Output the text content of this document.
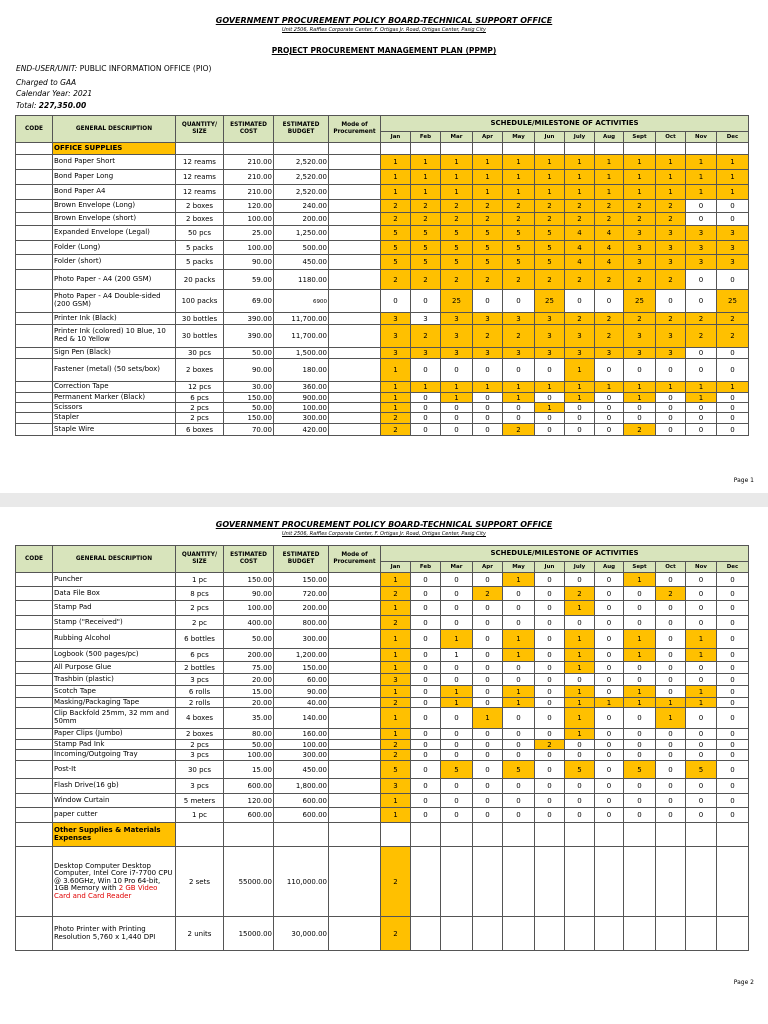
GOVERNMENT PROCUREMENT POLICY BOARD-TECHNICAL SUPPORT OFFICE
Unit 2506, Raffles Corporate Center, F. Ortigas Jr. Road, Ortigas Center, Pasig City
PROJECT PROCUREMENT MANAGEMENT PLAN (PPMP)
END-USER/UNIT: PUBLIC INFORMATION OFFICE (PIO)
Charged to GAA
Calendar Year: 2021
Total: 227,350.00
CODE	GENERAL DESCRIPTION	QUANTITY/ SIZE	ESTIMATED COST	ESTIMATED BUDGET	Mode of Procurement	SCHEDULE/MILESTONE OF ACTIVITIES											
						Jan	Feb	Mar	Apr	May	Jun	July	Aug	Sept	Oct	Nov	Dec
	OFFICE SUPPLIES																
	Bond Paper Short	12 reams	210.00	2,520.00		1	1	1	1	1	1	1	1	1	1	1	1
	Bond Paper Long	12 reams	210.00	2,520.00		1	1	1	1	1	1	1	1	1	1	1	1
	Bond Paper A4	12 reams	210.00	2,520.00		1	1	1	1	1	1	1	1	1	1	1	1
	Brown Envelope (Long)	2 boxes	120.00	240.00		2	2	2	2	2	2	2	2	2	2	0	0
	Brown Envelope (short)	2 boxes	100.00	200.00		2	2	2	2	2	2	2	2	2	2	0	0
	Expanded Envelope (Legal)	50 pcs	25.00	1,250.00		5	5	5	5	5	5	4	4	3	3	3	3
	Folder (Long)	5 packs	100.00	500.00		5	5	5	5	5	5	4	4	3	3	3	3
	Folder (short)	5 packs	90.00	450.00		5	5	5	5	5	5	4	4	3	3	3	3
	Photo Paper - A4 (200 GSM)	20 packs	59.00	1180.00		2	2	2	2	2	2	2	2	2	2	0	0
	Photo Paper - A4 Double-sided (200 GSM)	100 packs	69.00	6900		0	0	25	0	0	25	0	0	25	0	0	25
	Printer Ink (Black)	30 bottles	390.00	11,700.00		3	3	3	3	3	3	2	2	2	2	2	2
	Printer Ink (colored) 10 Blue, 10 Red & 10 Yellow	30 bottles	390.00	11,700.00		3	2	3	2	2	3	3	2	3	3	2	2
	Sign Pen (Black)	30 pcs	50.00	1,500.00		3	3	3	3	3	3	3	3	3	3	0	0
	Fastener (metal) (50 sets/box)	2 boxes	90.00	180.00		1	0	0	0	0	0	1	0	0	0	0	0
	Correction Tape	12 pcs	30.00	360.00		1	1	1	1	1	1	1	1	1	1	1	1
	Permanent Marker (Black)	6 pcs	150.00	900.00		1	0	1	0	1	0	1	0	1	0	1	0
	Scissors	2 pcs	50.00	100.00		1	0	0	0	0	1	0	0	0	0	0	0
	Stapler	2 pcs	150.00	300.00		2	0	0	0	0	0	0	0	0	0	0	0
	Staple Wire	6 boxes	70.00	420.00		2	0	0	0	2	0	0	0	2	0	0	0
Page 1
GOVERNMENT PROCUREMENT POLICY BOARD-TECHNICAL SUPPORT OFFICE
Unit 2506, Raffles Corporate Center, F. Ortigas Jr. Road, Ortigas Center, Pasig City
CODE	GENERAL DESCRIPTION	QUANTITY/ SIZE	ESTIMATED COST	ESTIMATED BUDGET	Mode of Procurement	SCHEDULE/MILESTONE OF ACTIVITIES											
						Jan	Feb	Mar	Apr	May	Jun	July	Aug	Sept	Oct	Nov	Dec
	Puncher	1 pc	150.00	150.00		1	0	0	0	1	0	0	0	1	0	0	0
	Data File Box	8 pcs	90.00	720.00		2	0	0	2	0	0	2	0	0	2	0	0
	Stamp Pad	2 pcs	100.00	200.00		1	0	0	0	0	0	1	0	0	0	0	0
	Stamp ("Received")	2 pc	400.00	800.00		2	0	0	0	0	0	0	0	0	0	0	0
	Rubbing Alcohol	6 bottles	50.00	300.00		1	0	1	0	1	0	1	0	1	0	1	0
	Logbook (500 pages/pc)	6 pcs	200.00	1,200.00		1	0	1	0	1	0	1	0	1	0	1	0
	All Purpose Glue	2 bottles	75.00	150.00		1	0	0	0	0	0	1	0	0	0	0	0
	Trashbin (plastic)	3 pcs	20.00	60.00		3	0	0	0	0	0	0	0	0	0	0	0
	Scotch Tape	6 rolls	15.00	90.00		1	0	1	0	1	0	1	0	1	0	1	0
	Masking/Packaging Tape	2 rolls	20.00	40.00		2	0	1	0	1	0	1	1	1	1	1	0
	Clip Backfold 25mm, 32 mm and 50mm	4 boxes	35.00	140.00		1	0	0	1	0	0	1	0	0	1	0	0
	Paper Clips (Jumbo)	2 boxes	80.00	160.00		1	0	0	0	0	0	1	0	0	0	0	0
	Stamp Pad Ink	2 pcs	50.00	100.00		2	0	0	0	0	2	0	0	0	0	0	0
	Incoming/Outgoing Tray	3 pcs	100.00	300.00		2	0	0	0	0	0	0	0	0	0	0	0
	Post-It	30 pcs	15.00	450.00		5	0	5	0	5	0	5	0	5	0	5	0
	Flash Drive(16 gb)	3 pcs	600.00	1,800.00		3	0	0	0	0	0	0	0	0	0	0	0
	Window Curtain	5 meters	120.00	600.00		1	0	0	0	0	0	0	0	0	0	0	0
	paper cutter	1 pc	600.00	600.00		1	0	0	0	0	0	0	0	0	0	0	0
	Other Supplies & Materials Expenses																
	Desktop Computer Desktop Computer, Intel Core i7-7700 CPU @ 3.60GHz, Win 10 Pro 64-bit, 1GB Memory with 2 GB Video Card and Card Reader	2 sets	55000.00	110,000.00		2											
	Photo Printer with Printing Resolution 5,760 x 1,440 DPI	2 units	15000.00	30,000.00		2											
Page 2
